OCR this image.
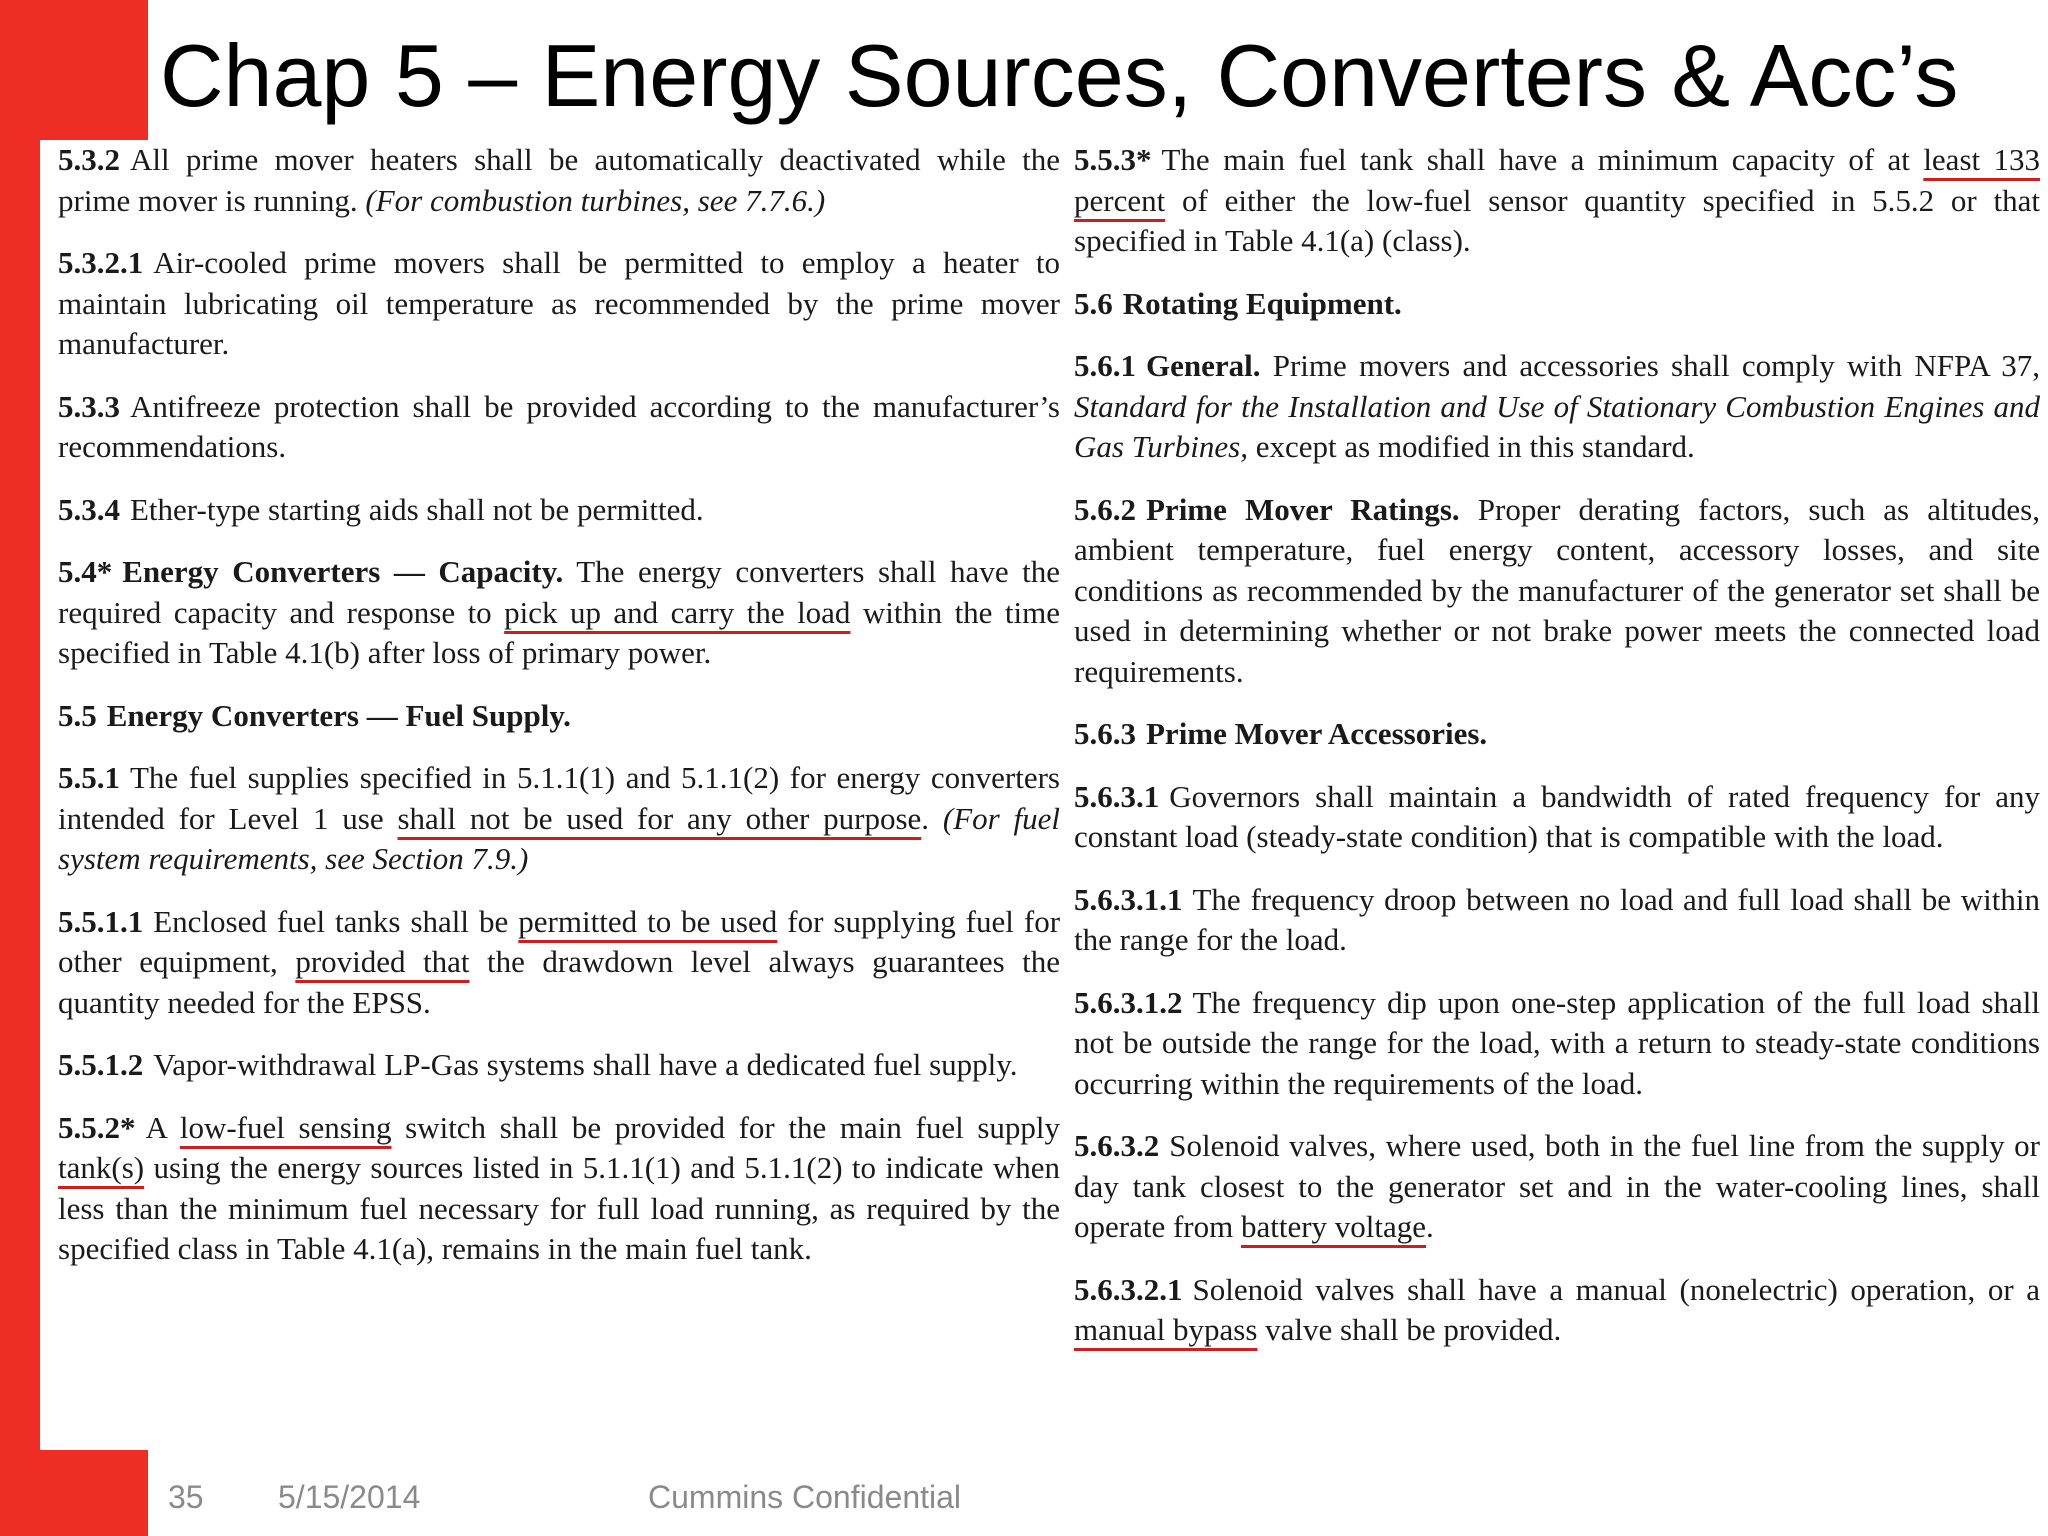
Chap 5 – Energy Sources, Converters & Acc’s

5.3.2 All prime mover heaters shall be automatically deactivated while the prime mover is running. (For combustion turbines, see 7.7.6.)

5.3.2.1 Air-cooled prime movers shall be permitted to employ a heater to maintain lubricating oil temperature as recommended by the prime mover manufacturer.

5.3.3 Antifreeze protection shall be provided according to the manufacturer’s recommendations.

5.3.4 Ether-type starting aids shall not be permitted.

5.4* Energy Converters — Capacity. The energy converters shall have the required capacity and response to pick up and carry the load within the time specified in Table 4.1(b) after loss of primary power.

5.5 Energy Converters — Fuel Supply.

5.5.1 The fuel supplies specified in 5.1.1(1) and 5.1.1(2) for energy converters intended for Level 1 use shall not be used for any other purpose. (For fuel system requirements, see Section 7.9.)

5.5.1.1 Enclosed fuel tanks shall be permitted to be used for supplying fuel for other equipment, provided that the drawdown level always guarantees the quantity needed for the EPSS.

5.5.1.2 Vapor-withdrawal LP-Gas systems shall have a dedicated fuel supply.

5.5.2* A low-fuel sensing switch shall be provided for the main fuel supply tank(s) using the energy sources listed in 5.1.1(1) and 5.1.1(2) to indicate when less than the minimum fuel necessary for full load running, as required by the specified class in Table 4.1(a), remains in the main fuel tank.

5.5.3* The main fuel tank shall have a minimum capacity of at least 133 percent of either the low-fuel sensor quantity specified in 5.5.2 or that specified in Table 4.1(a) (class).

5.6 Rotating Equipment.

5.6.1 General. Prime movers and accessories shall comply with NFPA 37, Standard for the Installation and Use of Stationary Combustion Engines and Gas Turbines, except as modified in this standard.

5.6.2 Prime Mover Ratings. Proper derating factors, such as altitudes, ambient temperature, fuel energy content, accessory losses, and site conditions as recommended by the manufacturer of the generator set shall be used in determining whether or not brake power meets the connected load requirements.

5.6.3 Prime Mover Accessories.

5.6.3.1 Governors shall maintain a bandwidth of rated frequency for any constant load (steady-state condition) that is compatible with the load.

5.6.3.1.1 The frequency droop between no load and full load shall be within the range for the load.

5.6.3.1.2 The frequency dip upon one-step application of the full load shall not be outside the range for the load, with a return to steady-state conditions occurring within the requirements of the load.

5.6.3.2 Solenoid valves, where used, both in the fuel line from the supply or day tank closest to the generator set and in the water-cooling lines, shall operate from battery voltage.

5.6.3.2.1 Solenoid valves shall have a manual (nonelectric) operation, or a manual bypass valve shall be provided.

35 5/15/2014	Cummins Confidential
